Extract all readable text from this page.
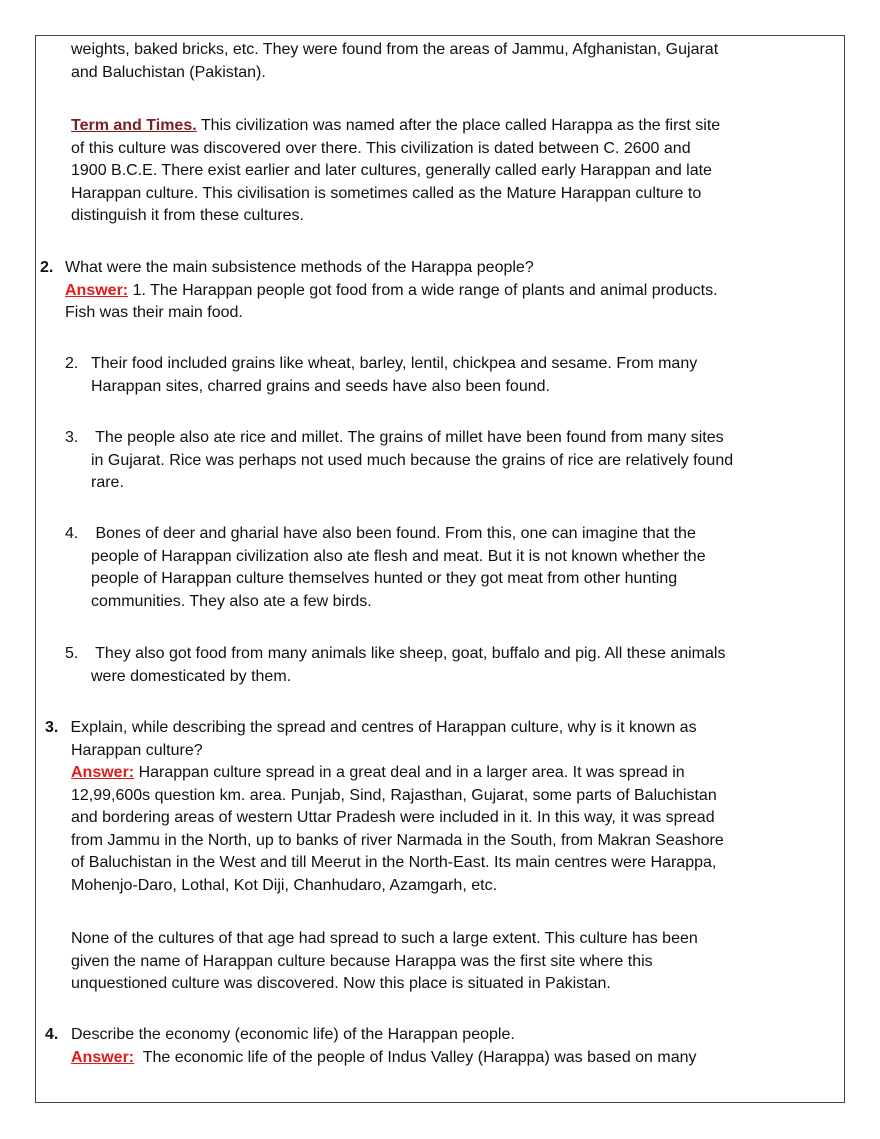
weights, baked bricks, etc. They were found from the areas of Jammu, Afghanistan, Gujarat

and Baluchistan (Pakistan).

Term and Times. This civilization was named after the place called Harappa as the first site

of this culture was discovered over there. This civilization is dated between C. 2600 and

1900 B.C.E. There exist earlier and later cultures, generally called early Harappan and late

Harappan culture. This civilisation is sometimes called as the Mature Harappan culture to

distinguish it from these cultures.

2. What were the main subsistence methods of the Harappa people?

Answer: 1. The Harappan people got food from a wide range of plants and animal products.

Fish was their main food.

2. Their food included grains like wheat, barley, lentil, chickpea and sesame. From many

Harappan sites, charred grains and seeds have also been found.

3. The people also ate rice and millet. The grains of millet have been found from many sites

in Gujarat. Rice was perhaps not used much because the grains of rice are relatively found

rare.

4. Bones of deer and gharial have also been found. From this, one can imagine that the

people of Harappan civilization also ate flesh and meat. But it is not known whether the

people of Harappan culture themselves hunted or they got meat from other hunting

communities. They also ate a few birds.

5. They also got food from many animals like sheep, goat, buffalo and pig. All these animals

were domesticated by them.

3. Explain, while describing the spread and centres of Harappan culture, why is it known as

Harappan culture?

Answer: Harappan culture spread in a great deal and in a larger area. It was spread in

12,99,600s question km. area. Punjab, Sind, Rajasthan, Gujarat, some parts of Baluchistan

and bordering areas of western Uttar Pradesh were included in it. In this way, it was spread

from Jammu in the North, up to banks of river Narmada in the South, from Makran Seashore

of Baluchistan in the West and till Meerut in the North-East. Its main centres were Harappa,

Mohenjo-Daro, Lothal, Kot Diji, Chanhudaro, Azamgarh, etc.

None of the cultures of that age had spread to such a large extent. This culture has been

given the name of Harappan culture because Harappa was the first site where this

unquestioned culture was discovered. Now this place is situated in Pakistan.

4. Describe the economy (economic life) of the Harappan people.

Answer:  The economic life of the people of Indus Valley (Harappa) was based on many
